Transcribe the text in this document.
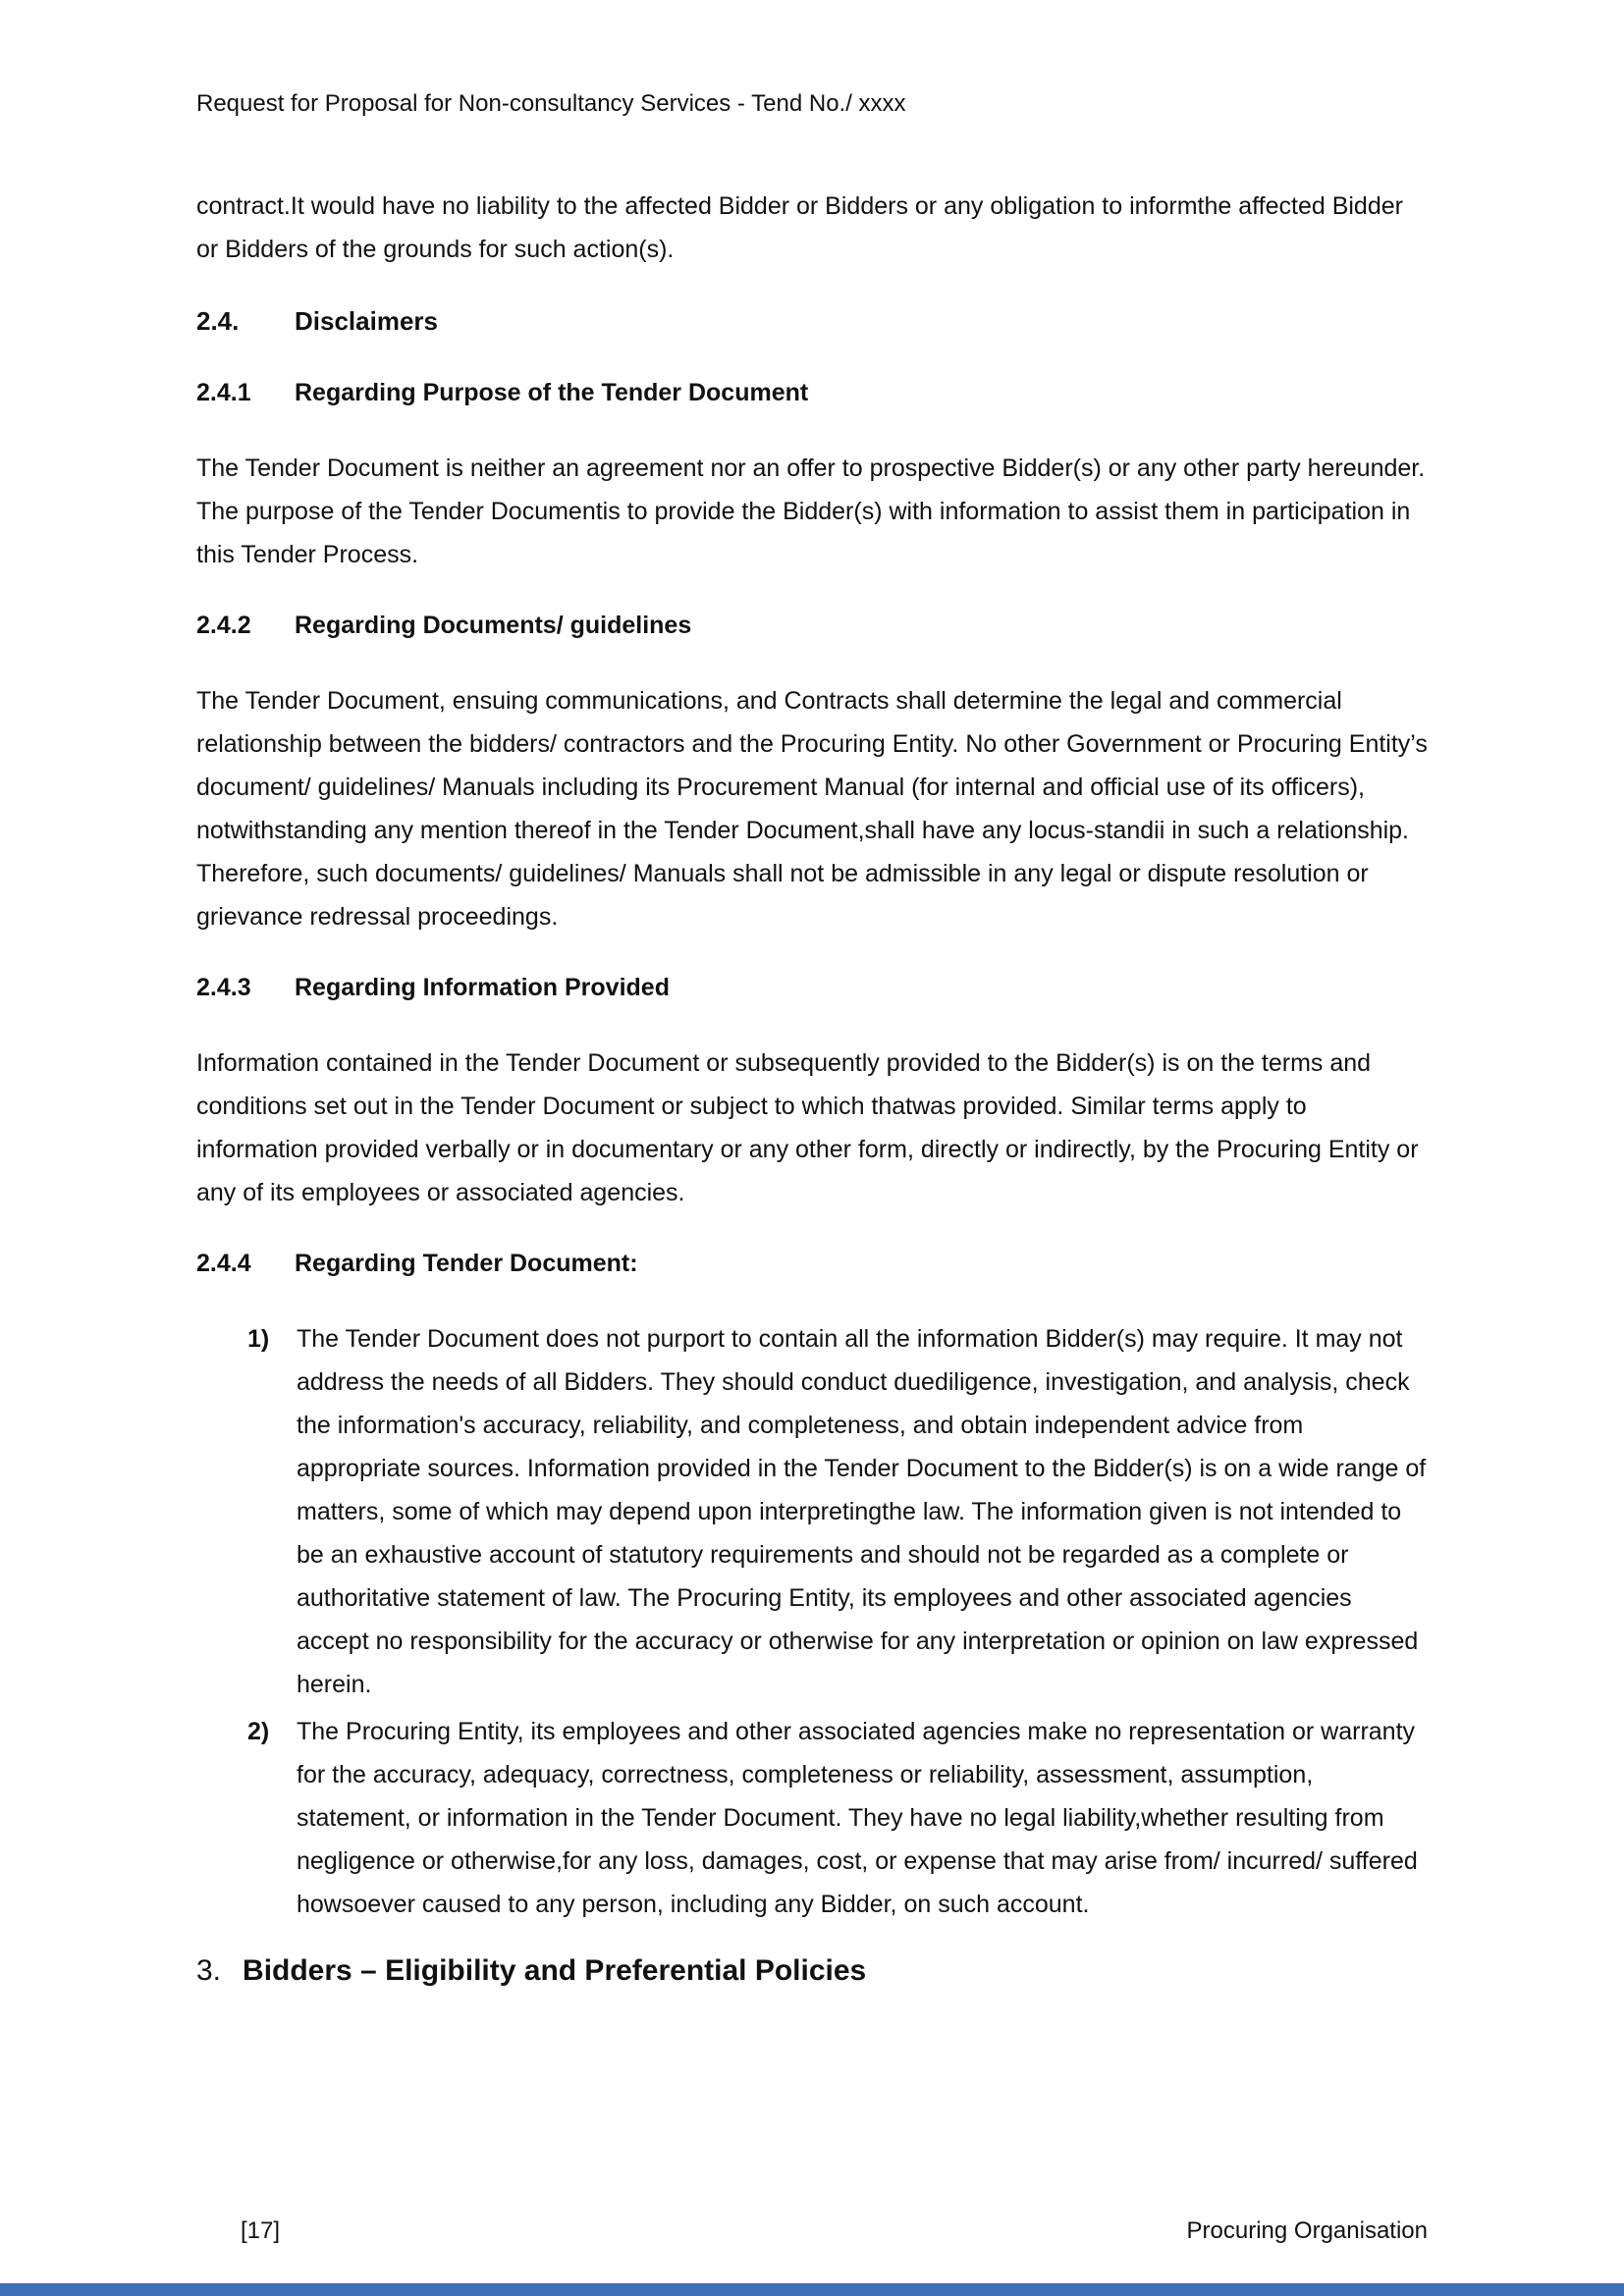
Request for Proposal for Non-consultancy Services - Tend No./ xxxx

contract.It would have no liability to the affected Bidder or Bidders or any obligation to informthe affected Bidder or Bidders of the grounds for such action(s).

2.4. Disclaimers
2.4.1 Regarding Purpose of the Tender Document

The Tender Document is neither an agreement nor an offer to prospective Bidder(s) or any other party hereunder. The purpose of the Tender Documentis to provide the Bidder(s) with information to assist them in participation in this Tender Process.

2.4.2 Regarding Documents/ guidelines

The Tender Document, ensuing communications, and Contracts shall determine the legal and commercial relationship between the bidders/ contractors and the Procuring Entity. No other Government or Procuring Entity’s document/ guidelines/ Manuals including its Procurement Manual (for internal and official use of its officers), notwithstanding any mention thereof in the Tender Document,shall have any locus-standii in such a relationship. Therefore, such documents/ guidelines/ Manuals shall not be admissible in any legal or dispute resolution or grievance redressal proceedings.

2.4.3 Regarding Information Provided

Information contained in the Tender Document or subsequently provided to the Bidder(s) is on the terms and conditions set out in the Tender Document or subject to which thatwas provided. Similar terms apply to information provided verbally or in documentary or any other form, directly or indirectly, by the Procuring Entity or any of its employees or associated agencies.

2.4.4 Regarding Tender Document:
1)	The Tender Document does not purport to contain all the information Bidder(s) may require. It may not address the needs of all Bidders. They should conduct duediligence, investigation, and analysis, check the information's accuracy, reliability, and completeness, and obtain independent advice from appropriate sources. Information provided in the Tender Document to the Bidder(s) is on a wide range of matters, some of which may depend upon interpretingthe law. The information given is not intended to be an exhaustive account of statutory requirements and should not be regarded as a complete or authoritative statement of law. The Procuring Entity, its employees and other associated agencies accept no responsibility for the accuracy or otherwise for any interpretation or opinion on law expressed herein.
2)	The Procuring Entity, its employees and other associated agencies make no representation or warranty for the accuracy, adequacy, correctness, completeness or reliability, assessment, assumption, statement, or information in the Tender Document. They have no legal liability,whether resulting from negligence or otherwise,for any loss, damages, cost, or expense that may arise from/ incurred/ suffered howsoever caused to any person, including any Bidder, on such account.
3. Bidders – Eligibility and Preferential Policies
[17]	Procuring Organisation
